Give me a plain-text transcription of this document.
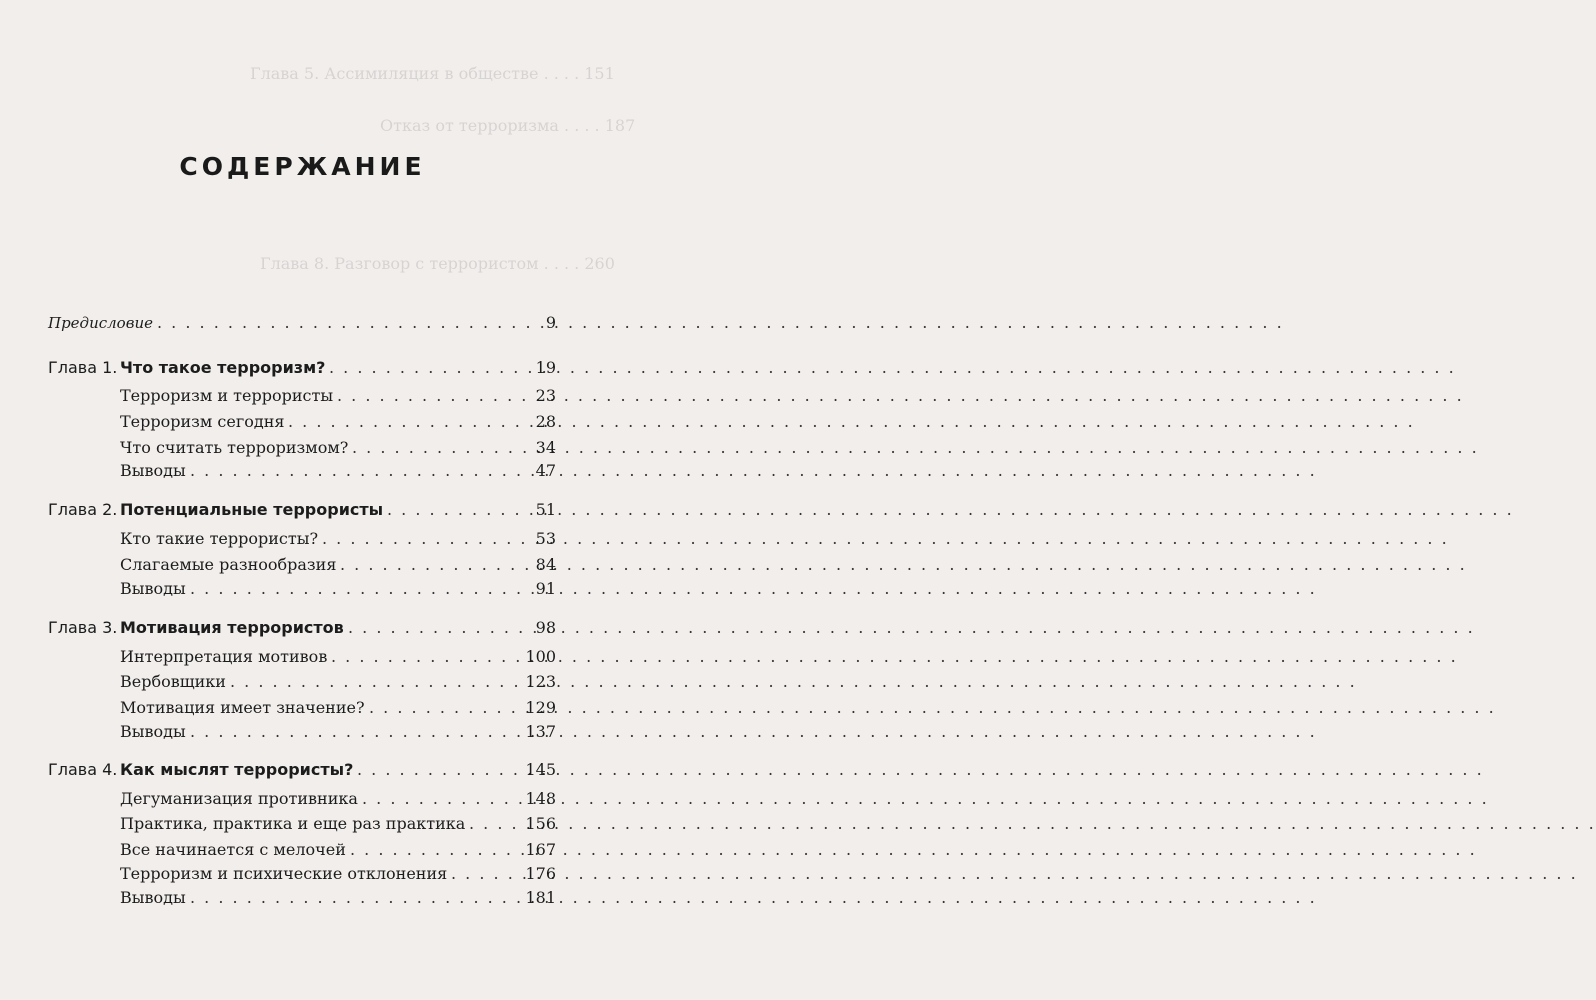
Глава 5. Ассимиляция в обществе . . . . 151
Отказ от терроризма . . . . 187
Глава 8. Разговор с террористом . . . . 260
СОДЕРЖАНИЕ
Предисловие . . .	9
Глава 1. Что такое терроризм? . . .	19
Терроризм и террористы . . .	23
Терроризм сегодня . . .	28
Что считать терроризмом? . . .	34
Выводы . . .	47
Глава 2. Потенциальные террористы . . .	51
Кто такие террористы? . . .	53
Слагаемые разнообразия . . .	84
Выводы . . .	91
Глава 3. Мотивация террористов . . .	98
Интерпретация мотивов . . .	100
Вербовщики . . .	123
Мотивация имеет значение? . . .	129
Выводы . . .	137
Глава 4. Как мыслят террористы? . . .	145
Дегуманизация противника . . .	148
Практика, практика и еще раз практика . . .	156
Все начинается с мелочей . . .	167
Терроризм и психические отклонения . . .	176
Выводы . . .	181
